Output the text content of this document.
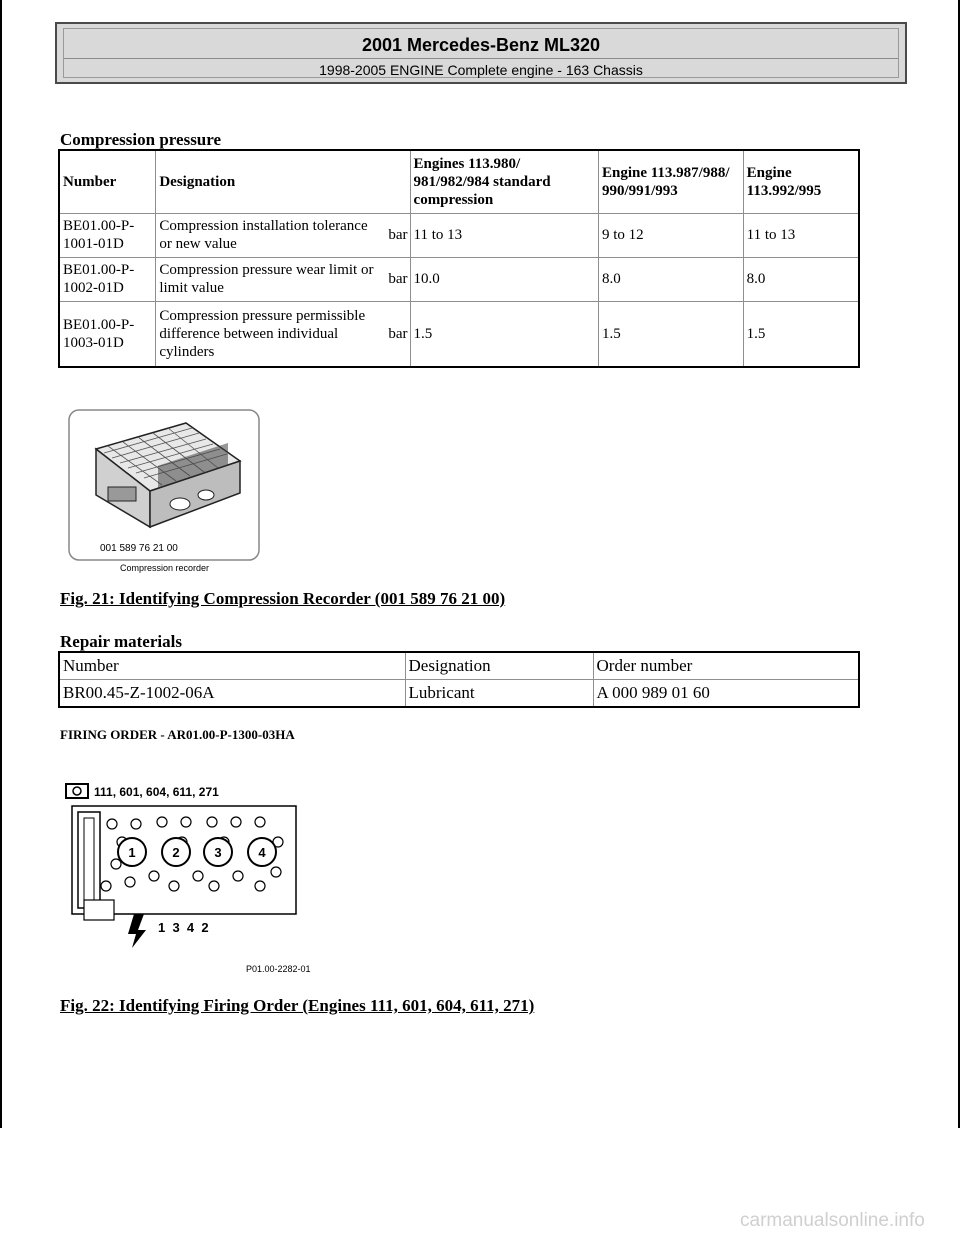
2001 Mercedes-Benz ML320
1998-2005 ENGINE Complete engine - 163 Chassis
Compression pressure
Number	Designation		Engines 113.980/ 981/982/984 standard compression	Engine 113.987/988/ 990/991/993	Engine 113.992/995
BE01.00-P-1001-01D	Compression installation tolerance or new value	bar	11 to 13	9 to 12	11 to 13
BE01.00-P-1002-01D	Compression pressure wear limit or limit value	bar	10.0	8.0	8.0
BE01.00-P-1003-01D	Compression pressure permissible difference between individual cylinders	bar	1.5	1.5	1.5
001 589 76 21 00
Compression recorder

Fig. 21: Identifying Compression Recorder (001 589 76 21 00)

Repair materials
Number	Designation	Order number
BR00.45-Z-1002-06A	Lubricant	A 000 989 01 60

FIRING ORDER - AR01.00-P-1300-03HA

111, 601, 604, 611, 271
1	2	3	4
1  3  4  2
P01.00-2282-01

Fig. 22: Identifying Firing Order (Engines 111, 601, 604, 611, 271)

carmanualsonline.info
